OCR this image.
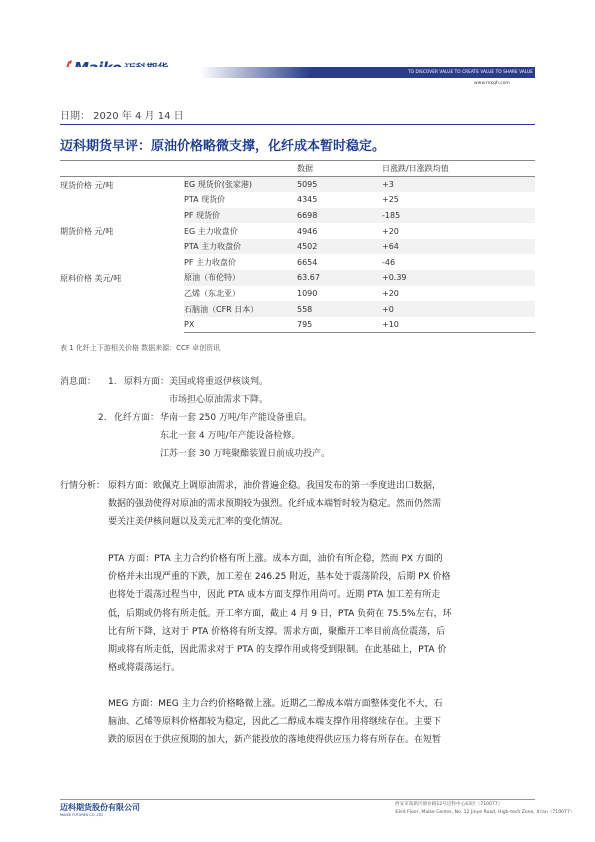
TO DISCOVER VALUE TO CREATE VALUE TO SHARE VALUE
www.mkqh.com
日期： 2020 年 4 月 14 日
迈科期货早评：原油价格略微支撑，化纤成本暂时稳定。
		数据	日涨跌/日涨跌均值
现货价格 元/吨	EG 现货价(张家港)	5095	+3
	PTA 现货价	4345	+25
	PF 现货价	6698	-185
期货价格 元/吨	EG 主力收盘价	4946	+20
	PTA 主力收盘价	4502	+64
	PF 主力收盘价	6654	-46
原料价格 美元/吨	原油（布伦特）	63.67	+0.39
	乙烯（东北亚）	1090	+20
	石脑油（CFR 日本）	558	+0
	PX	795	+10
表 1 化纤上下游相关价格 数据来源：CCF 卓创资讯
消息面： 1. 原料方面： 美国或将重返伊核谈判。
市场担心原油需求下降。
2. 化纤方面： 华南一套 250 万吨/年产能设备重启。
东北一套 4 万吨/年产能设备检修。
江苏一套 30 万吨聚酯装置日前成功投产。
行情分析： 原料方面：欧佩克上调原油需求，油价普遍企稳。我国发布的第一季度进出口数据，
数据的强劲使得对原油的需求预期较为强烈。化纤成本端暂时较为稳定。然而仍然需
要关注美伊核问题以及美元汇率的变化情况。
PTA 方面：PTA 主力合约价格有所上涨。成本方面，油价有所企稳，然而 PX 方面的
价格并未出现严重的下跌，加工差在 246.25 附近，基本处于震荡阶段，后期 PX 价格
也将处于震荡过程当中，因此 PTA 成本方面支撑作用尚可。近期 PTA 加工差有所走
低，后期或仍将有所走低。开工率方面，截止 4 月 9 日，PTA 负荷在 75.5%左右，环
比有所下降，这对于 PTA 价格将有所支撑。需求方面，聚酯开工率目前高位震荡，后
期或将有所走低，因此需求对于 PTA 的支撑作用或将受到限制。在此基础上，PTA 价
格或将震荡运行。
MEG 方面：MEG 主力合约价格略微上涨。近期乙二醇成本端方面整体变化不大，石
脑油、乙烯等原料价格都较为稳定，因此乙二醇成本端支撑作用将继续存在。主要下
跌的原因在于供应预期的加大，新产能投放的落地使得供应压力将有所存在。在短暂
迈科期货股份有限公司
MAIKE FUTURES CO.,LTD
西安市高新区锦业路12号迈科中心43层（710077）
43rd Floor, Maike Center, No. 12 Jinye Road, High-tech Zone, Xi'an（710077）
